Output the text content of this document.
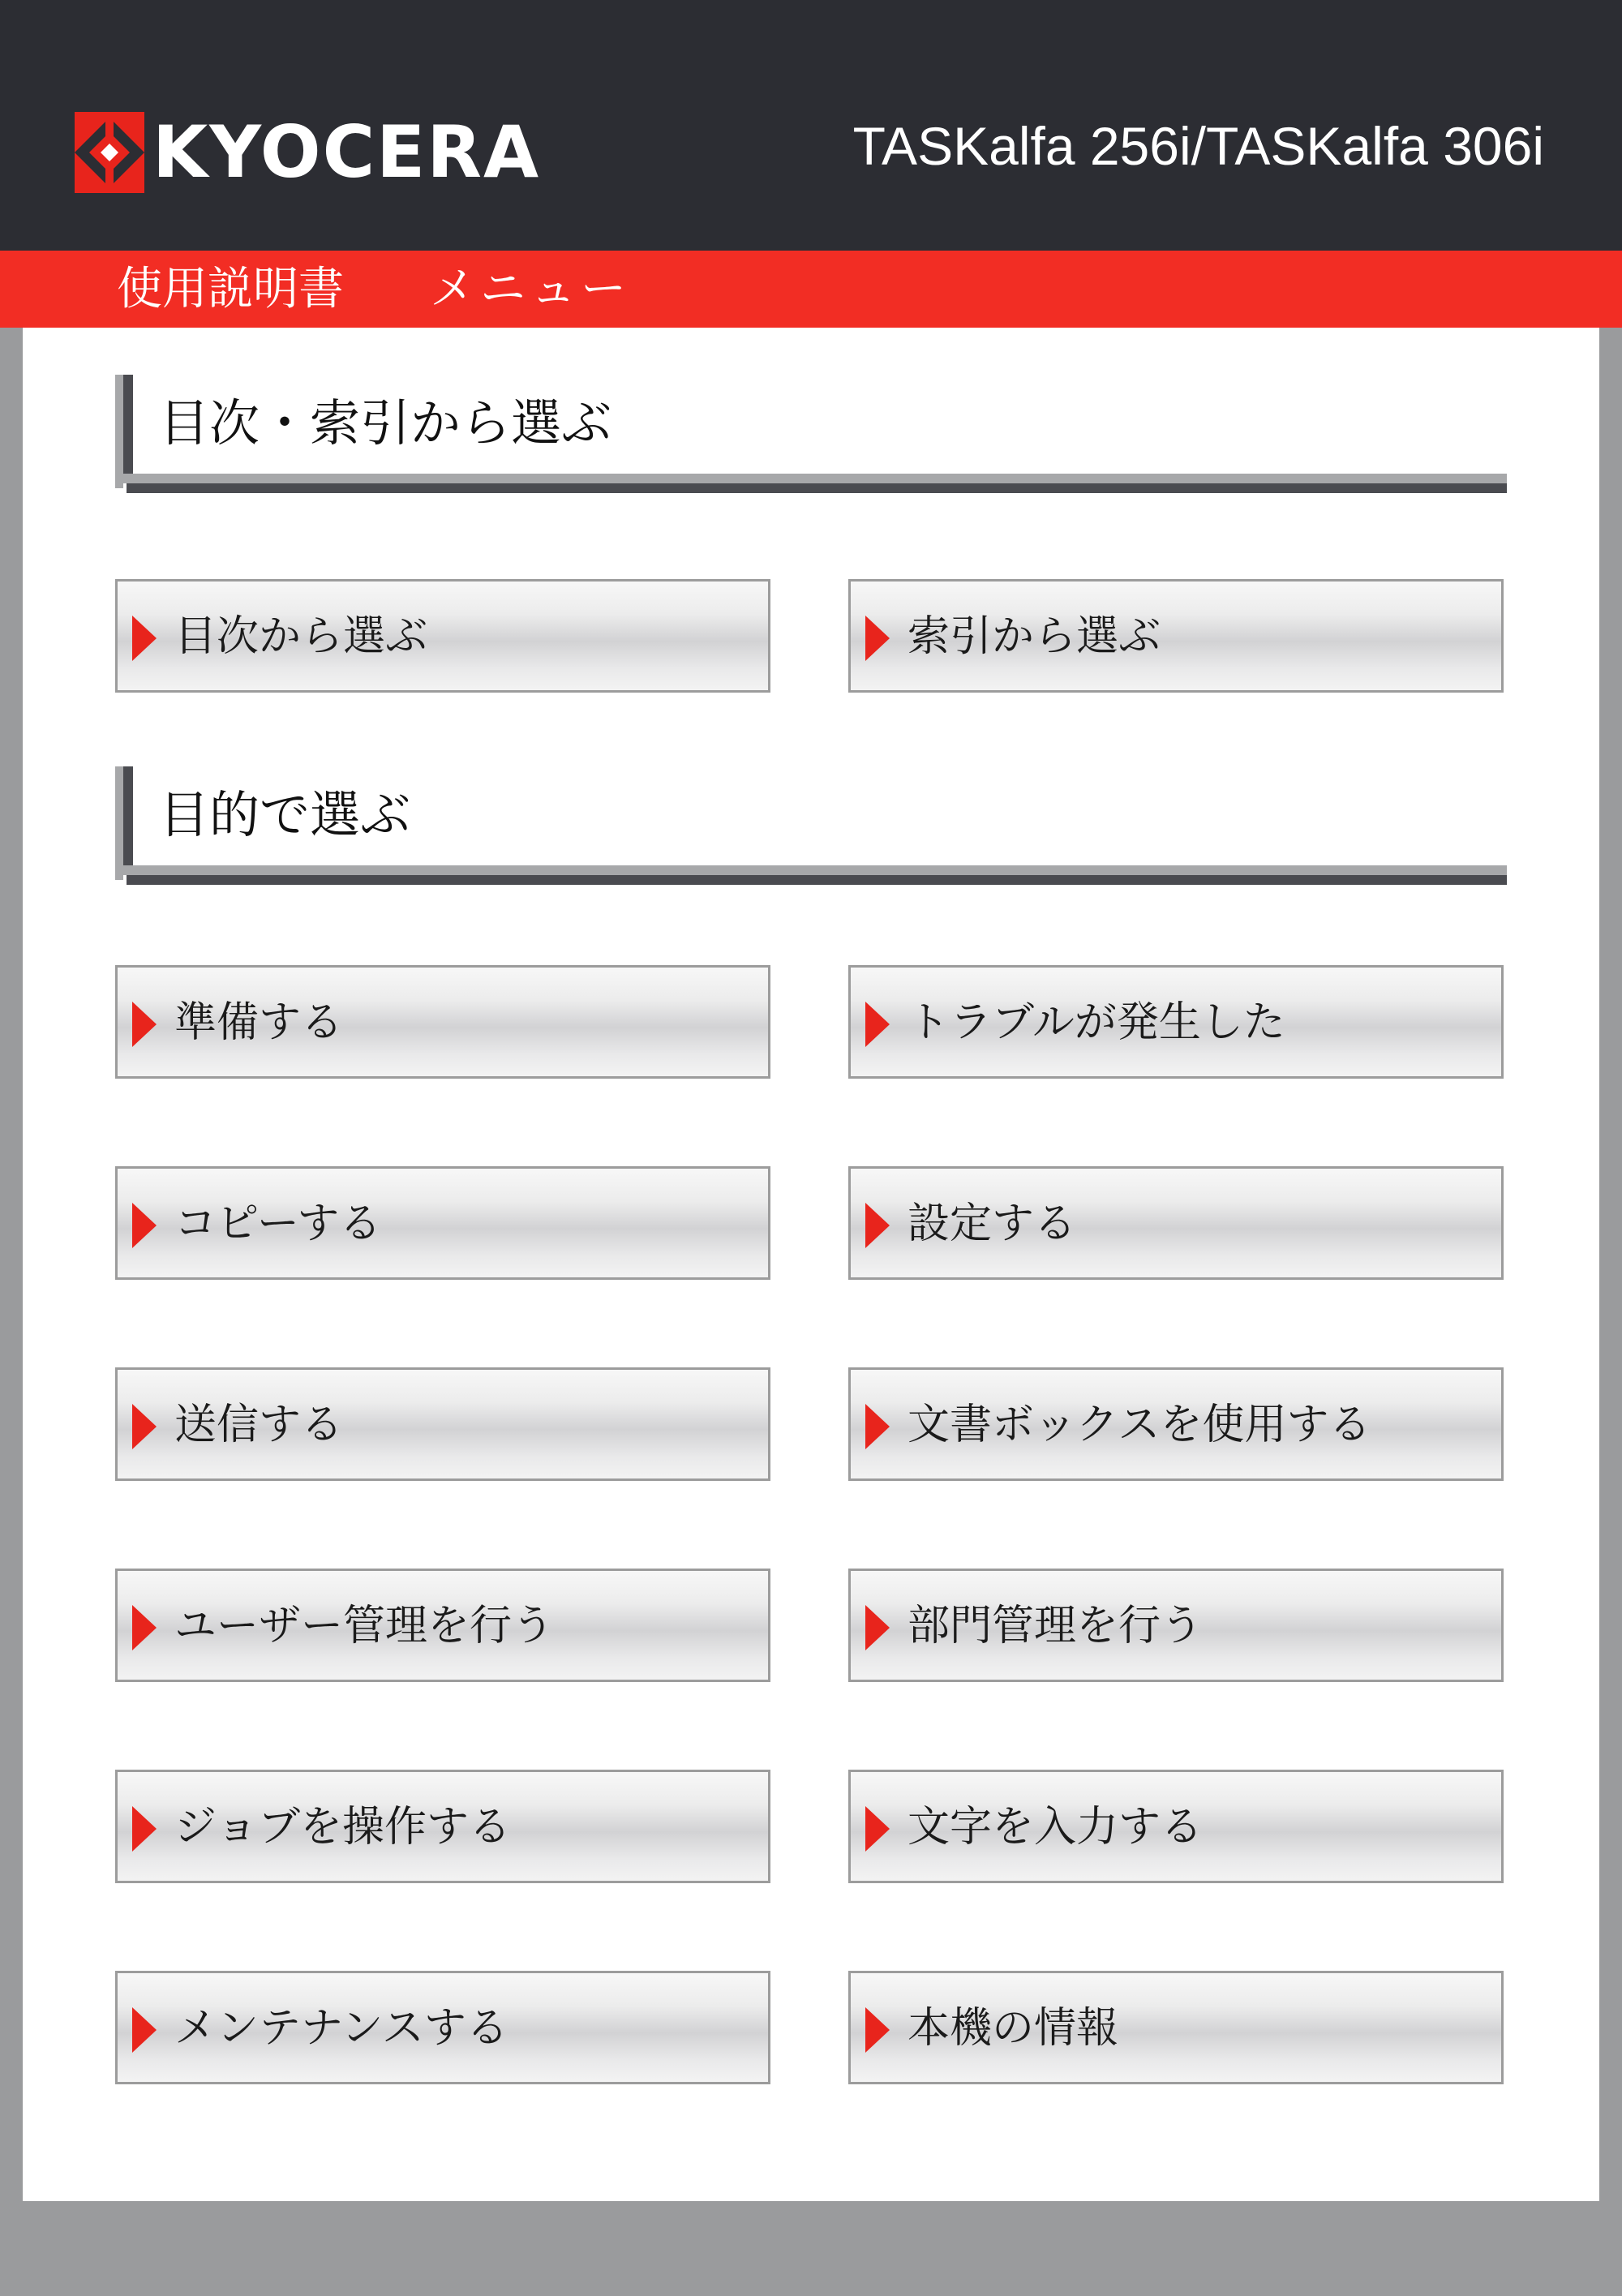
KYOCERA	TASKalfa 256i/TASKalfa 306i
使用説明書 メニュー
目次・索引から選ぶ
目次から選ぶ	索引から選ぶ
目的で選ぶ
準備する	トラブルが発生した
コピーする	設定する
送信する	文書ボックスを使用する
ユーザー管理を行う	部門管理を行う
ジョブを操作する	文字を入力する
メンテナンスする	本機の情報
